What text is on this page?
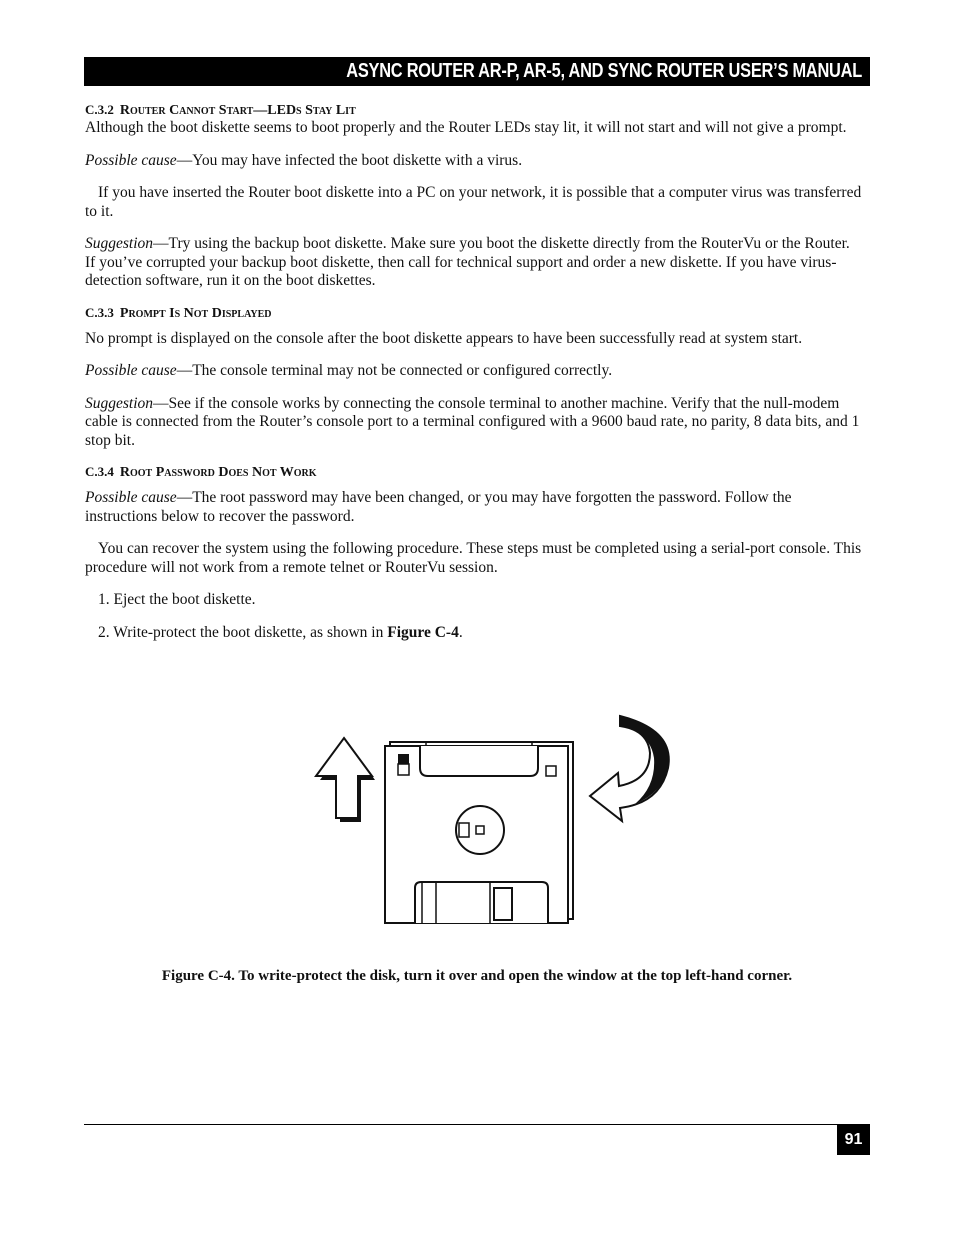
ASYNC ROUTER AR-P, AR-5, AND SYNC ROUTER USER’S MANUAL
C.3.2 Router Cannot Start—LEDs Stay Lit

Although the boot diskette seems to boot properly and the Router LEDs stay lit, it will not start and will not give a prompt.

Possible cause—You may have infected the boot diskette with a virus.

If you have inserted the Router boot diskette into a PC on your network, it is possible that a computer virus was transferred to it.

Suggestion—Try using the backup boot diskette. Make sure you boot the diskette directly from the RouterVu or the Router. If you’ve corrupted your backup boot diskette, then call for technical support and order a new diskette. If you have virus-detection software, run it on the boot diskettes.

C.3.3 Prompt Is Not Displayed

No prompt is displayed on the console after the boot diskette appears to have been successfully read at system start.

Possible cause—The console terminal may not be connected or configured correctly.

Suggestion—See if the console works by connecting the console terminal to another machine. Verify that the null-modem cable is connected from the Router’s console port to a terminal configured with a 9600 baud rate, no parity, 8 data bits, and 1 stop bit.

C.3.4 Root Password Does Not Work

Possible cause—The root password may have been changed, or you may have forgotten the password. Follow the instructions below to recover the password.

You can recover the system using the following procedure. These steps must be completed using a serial-port console. This procedure will not work from a remote telnet or RouterVu session.

1. Eject the boot diskette.

2. Write-protect the boot diskette, as shown in Figure C-4.

Figure C-4. To write-protect the disk, turn it over and open the window at the top left-hand corner.
91
